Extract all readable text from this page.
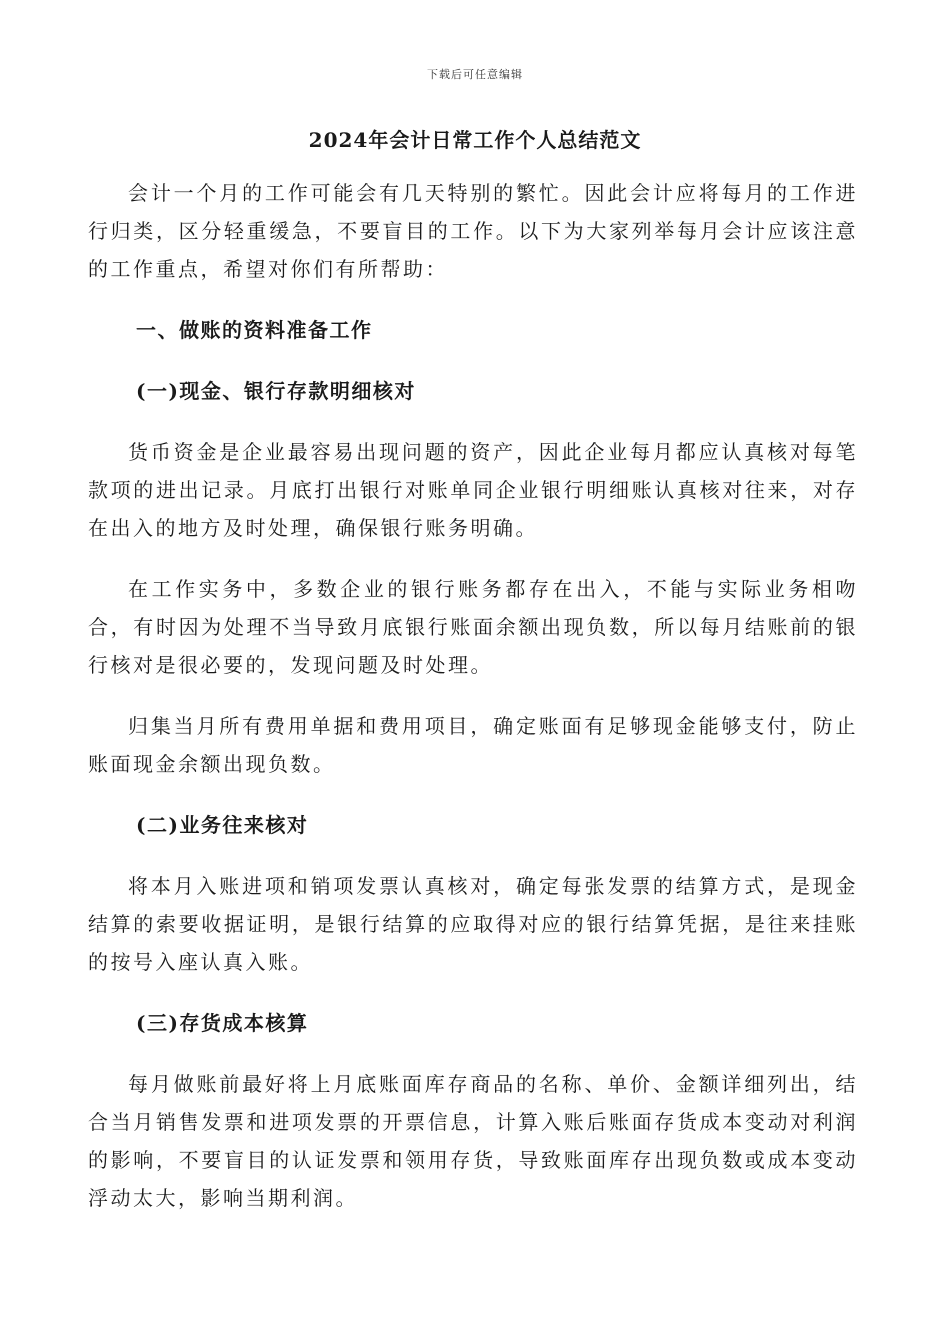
下载后可任意编辑
2024年会计日常工作个人总结范文

会计一个月的工作可能会有几天特别的繁忙。因此会计应将每月的工作进行归类，区分轻重缓急，不要盲目的工作。以下为大家列举每月会计应该注意的工作重点，希望对你们有所帮助：

一、做账的资料准备工作
(一)现金、银行存款明细核对

货币资金是企业最容易出现问题的资产，因此企业每月都应认真核对每笔款项的进出记录。月底打出银行对账单同企业银行明细账认真核对往来，对存在出入的地方及时处理，确保银行账务明确。

在工作实务中，多数企业的银行账务都存在出入，不能与实际业务相吻合，有时因为处理不当导致月底银行账面余额出现负数，所以每月结账前的银行核对是很必要的，发现问题及时处理。

归集当月所有费用单据和费用项目，确定账面有足够现金能够支付，防止账面现金余额出现负数。

(二)业务往来核对

将本月入账进项和销项发票认真核对，确定每张发票的结算方式，是现金结算的索要收据证明，是银行结算的应取得对应的银行结算凭据，是往来挂账的按号入座认真入账。

(三)存货成本核算

每月做账前最好将上月底账面库存商品的名称、单价、金额详细列出，结合当月销售发票和进项发票的开票信息，计算入账后账面存货成本变动对利润的影响，不要盲目的认证发票和领用存货，导致账面库存出现负数或成本变动浮动太大，影响当期利润。
